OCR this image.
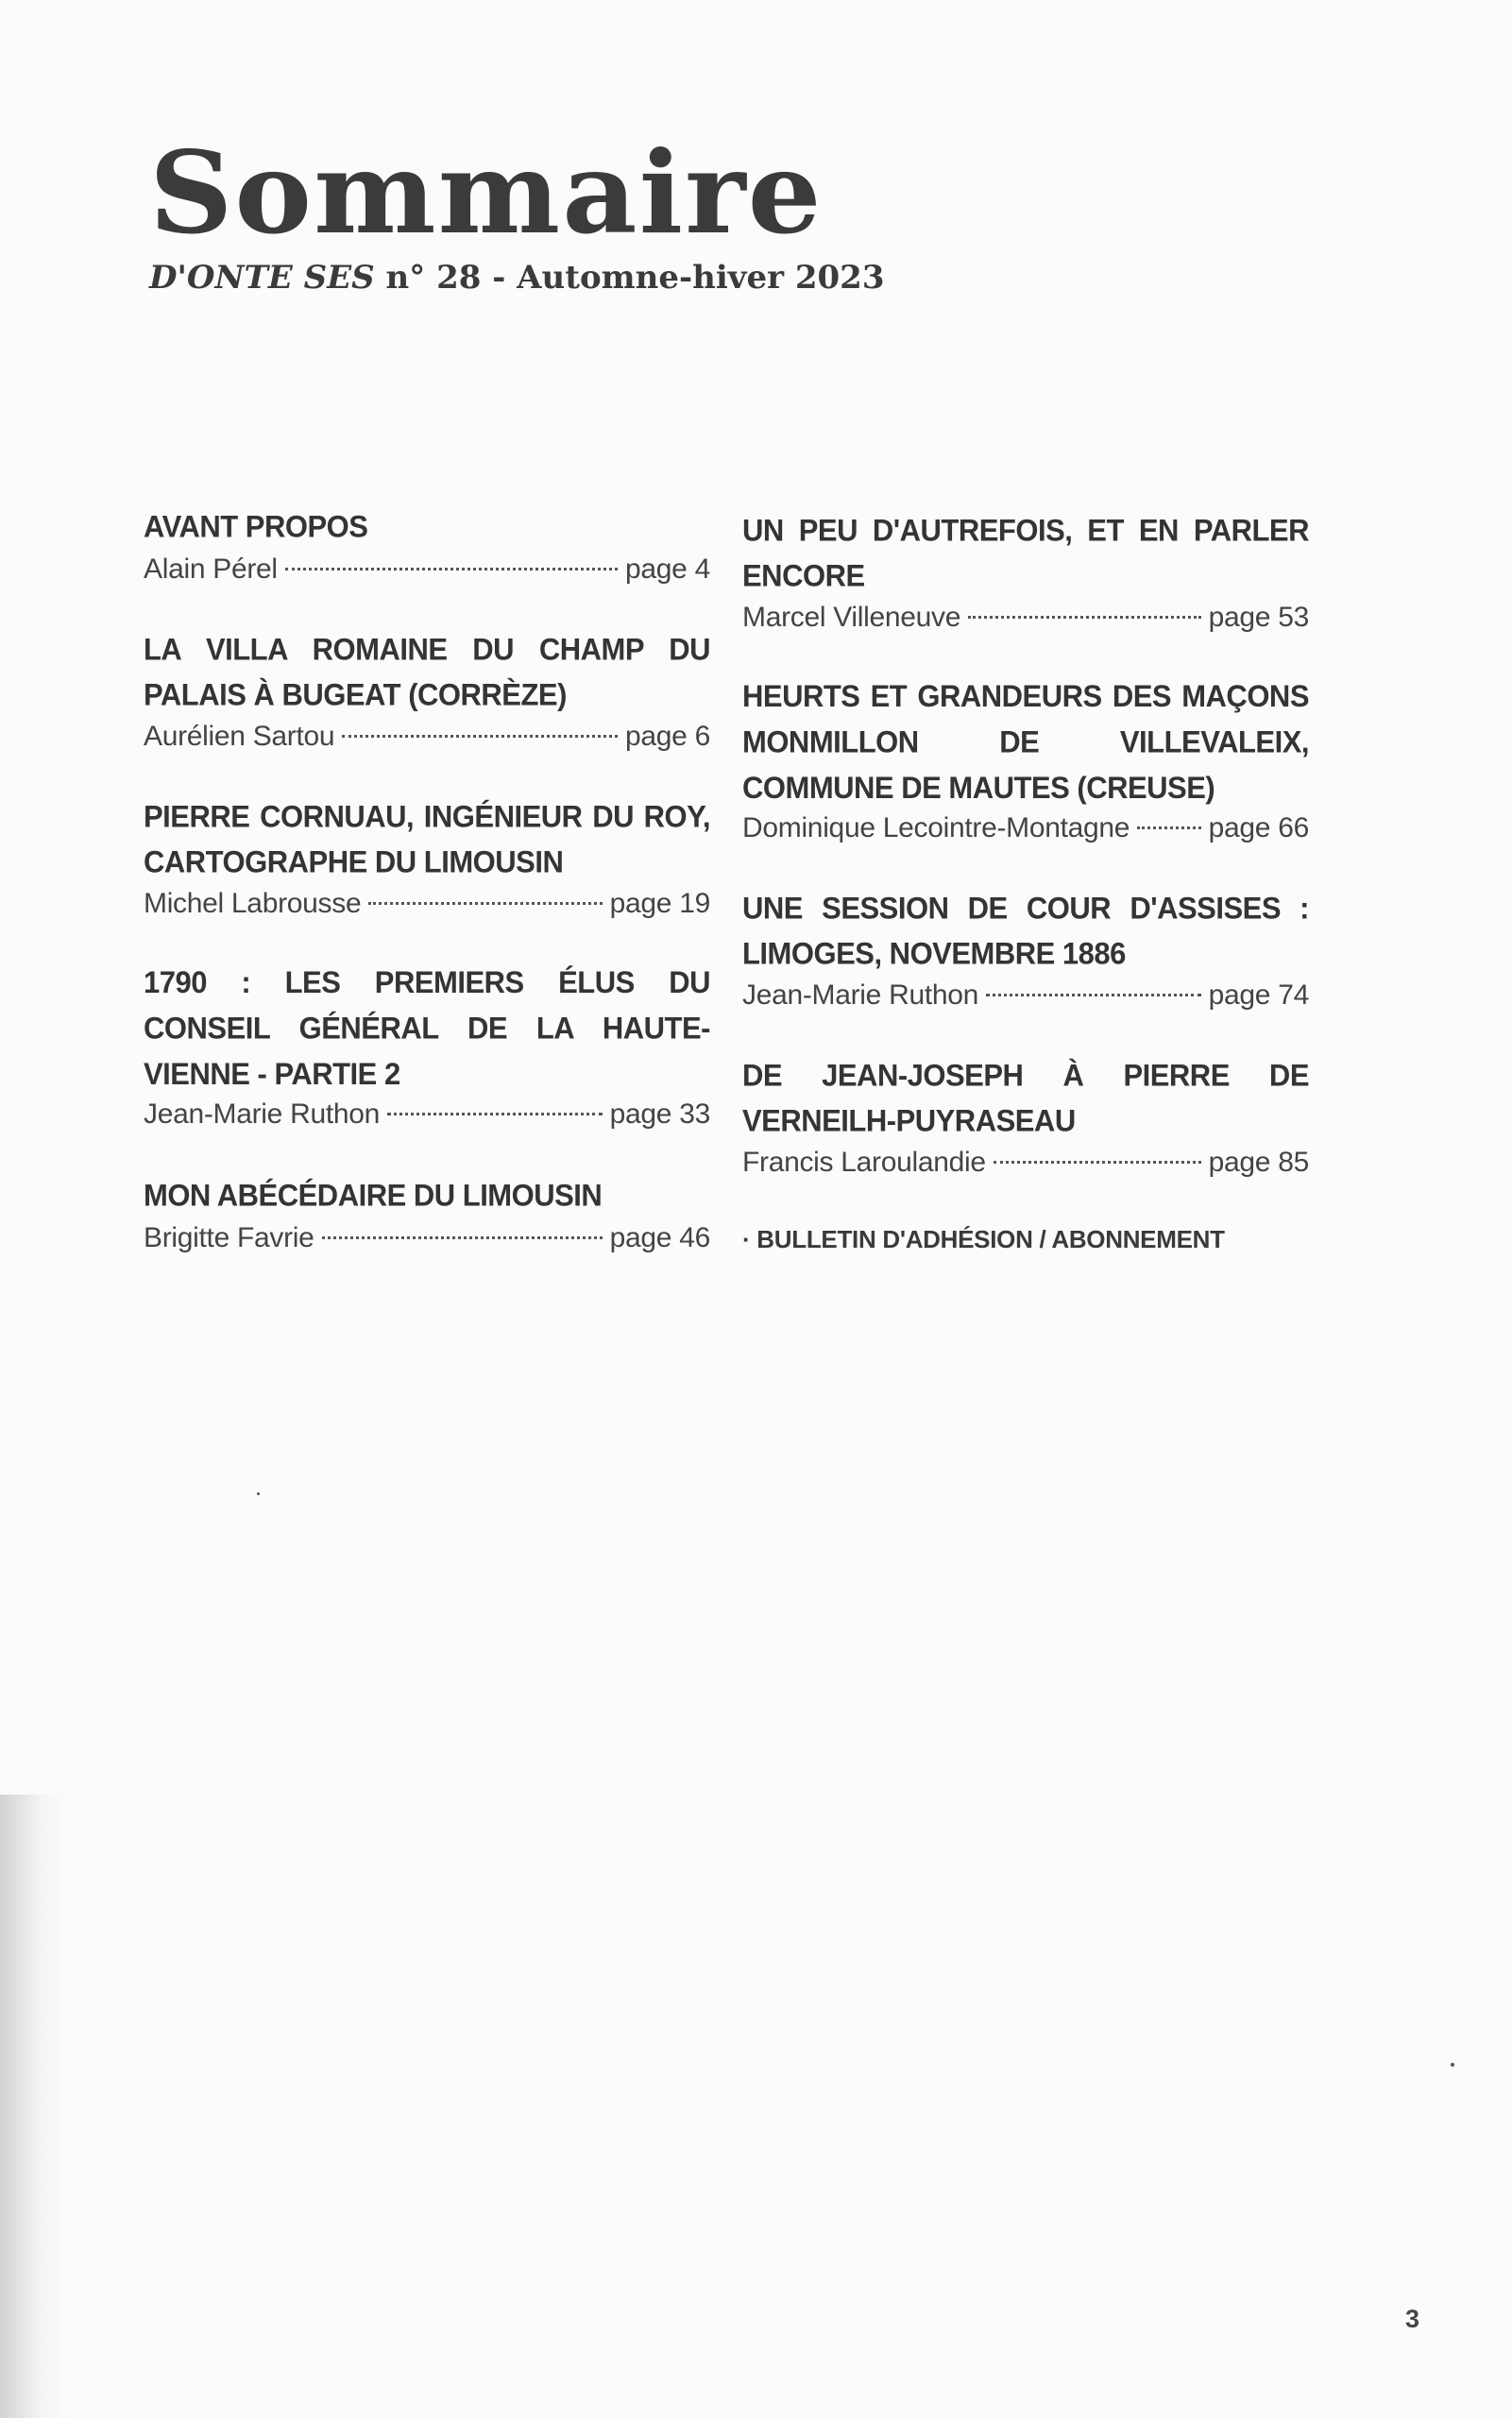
Sommaire
D'ONTE SES n° 28 - Automne-hiver 2023
AVANT PROPOS
Alain Pérel	page 4
LA VILLA ROMAINE DU CHAMP DU PALAIS À BUGEAT (CORRÈZE)
Aurélien Sartou	page 6
PIERRE CORNUAU, INGÉNIEUR DU ROY, CARTOGRAPHE DU LIMOUSIN
Michel Labrousse	page 19
1790 : LES PREMIERS ÉLUS DU CONSEIL GÉNÉRAL DE LA HAUTE-VIENNE - PARTIE 2
Jean-Marie Ruthon	page 33
MON ABÉCÉDAIRE DU LIMOUSIN
Brigitte Favrie	page 46
UN PEU D'AUTREFOIS, ET EN PARLER ENCORE
Marcel Villeneuve	page 53
HEURTS ET GRANDEURS DES MAÇONS MONMILLON DE VILLEVALEIX, COMMUNE DE MAUTES (CREUSE)
Dominique Lecointre-Montagne	page 66
UNE SESSION DE COUR D'ASSISES : LIMOGES, NOVEMBRE 1886
Jean-Marie Ruthon	page 74
DE JEAN-JOSEPH À PIERRE DE VERNEILH-PUYRASEAU
Francis Laroulandie	page 85
· BULLETIN D'ADHÉSION / ABONNEMENT
3
